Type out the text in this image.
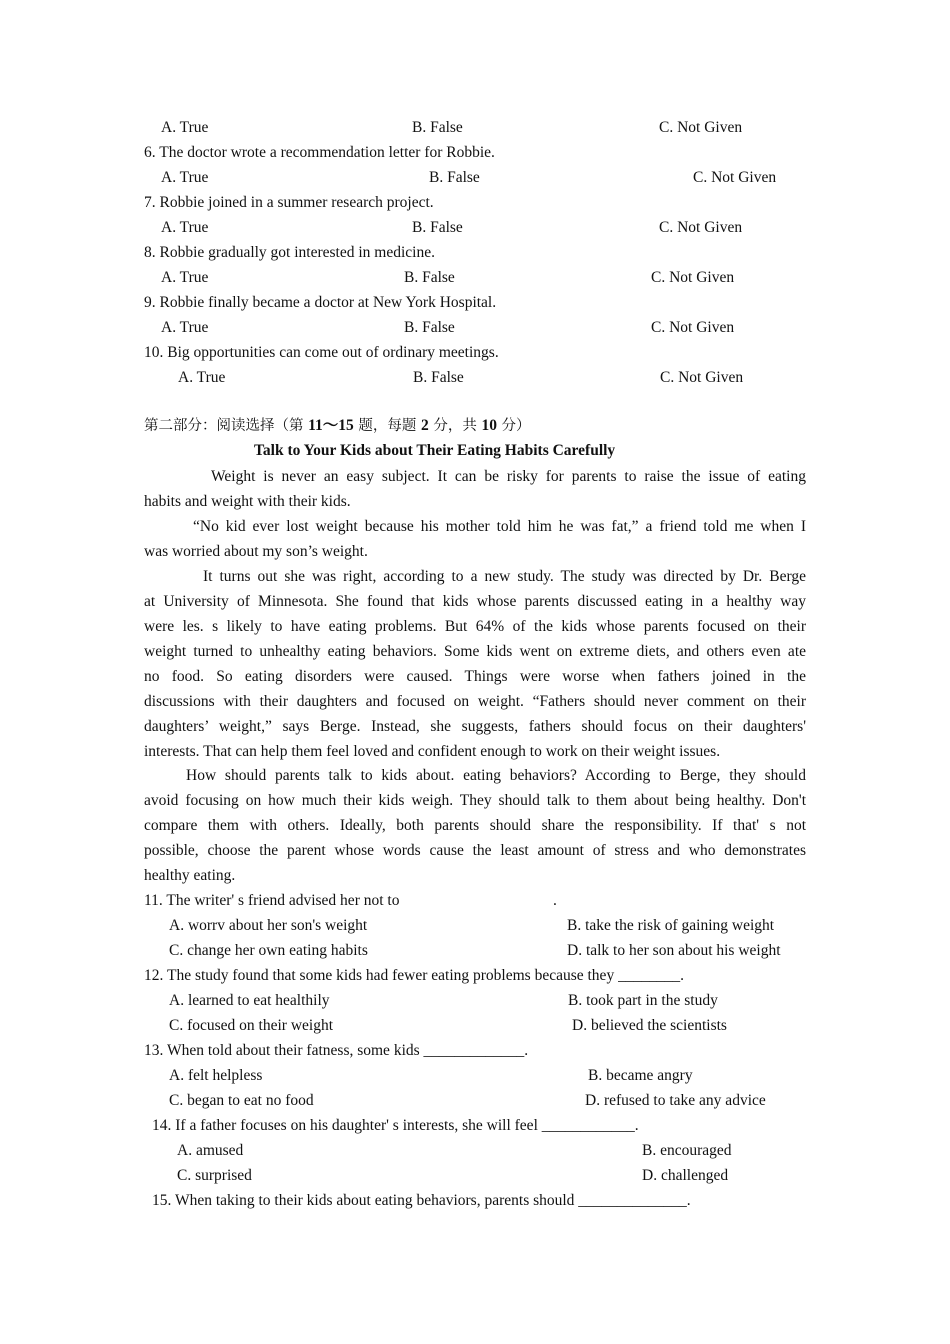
A. True	B. False	C. Not Given
6. The doctor wrote a recommendation letter for Robbie.
A. True	B. False	C. Not Given
7. Robbie joined in a summer research project.
A. True	B. False	C. Not Given
8. Robbie gradually got interested in medicine.
A. True	B. False	C. Not Given
9. Robbie finally became a doctor at New York Hospital.
A. True	B. False	C. Not Given
10. Big opportunities can come out of ordinary meetings.
A. True	B. False	C. Not Given
第二部分：阅读选择（第 11～15 题，每题 2 分，共 10 分）
Talk to Your Kids about Their Eating Habits Carefully
Weight is never an easy subject. It can be risky for parents to raise the issue of eating
habits and weight with their kids.
“No kid ever lost weight because his mother told him he was fat,” a friend told me when I
was worried about my son’s weight.
It turns out she was right, according to a new study. The study was directed by Dr. Berge
at University of Minnesota. She found that kids whose parents discussed eating in a healthy way
were les. s likely to have eating problems. But 64% of the kids whose parents focused on their
weight turned to unhealthy eating behaviors. Some kids went on extreme diets, and others even ate
no food. So eating disorders were caused. Things were worse when fathers joined in the
discussions with their daughters and focused on weight. “Fathers should never comment on their
daughters’ weight,” says Berge. Instead, she suggests, fathers should focus on their daughters'
interests. That can help them feel loved and confident enough to work on their weight issues.
How should parents talk to kids about. eating behaviors? According to Berge, they should
avoid focusing on how much their kids weigh. They should talk to them about being healthy. Don't
compare them with others. Ideally, both parents should share the responsibility. If that' s not
possible, choose the parent whose words cause the least amount of stress and who demonstrates
healthy eating.
11. The writer' s friend advised her not to	.
A. worrv about her son's weight	B. take the risk of gaining weight
C. change her own eating habits	D. talk to her son about his weight
12. The study found that some kids had fewer eating problems because they ________.
A. learned to eat healthily	B. took part in the study
C. focused on their weight	D. believed the scientists
13. When told about their fatness, some kids _____________.
A. felt helpless	B. became angry
C. began to eat no food	D. refused to take any advice
14. If a father focuses on his daughter' s interests, she will feel ____________.
A. amused	B. encouraged
C. surprised	D. challenged
15. When taking to their kids about eating behaviors, parents should ______________.
